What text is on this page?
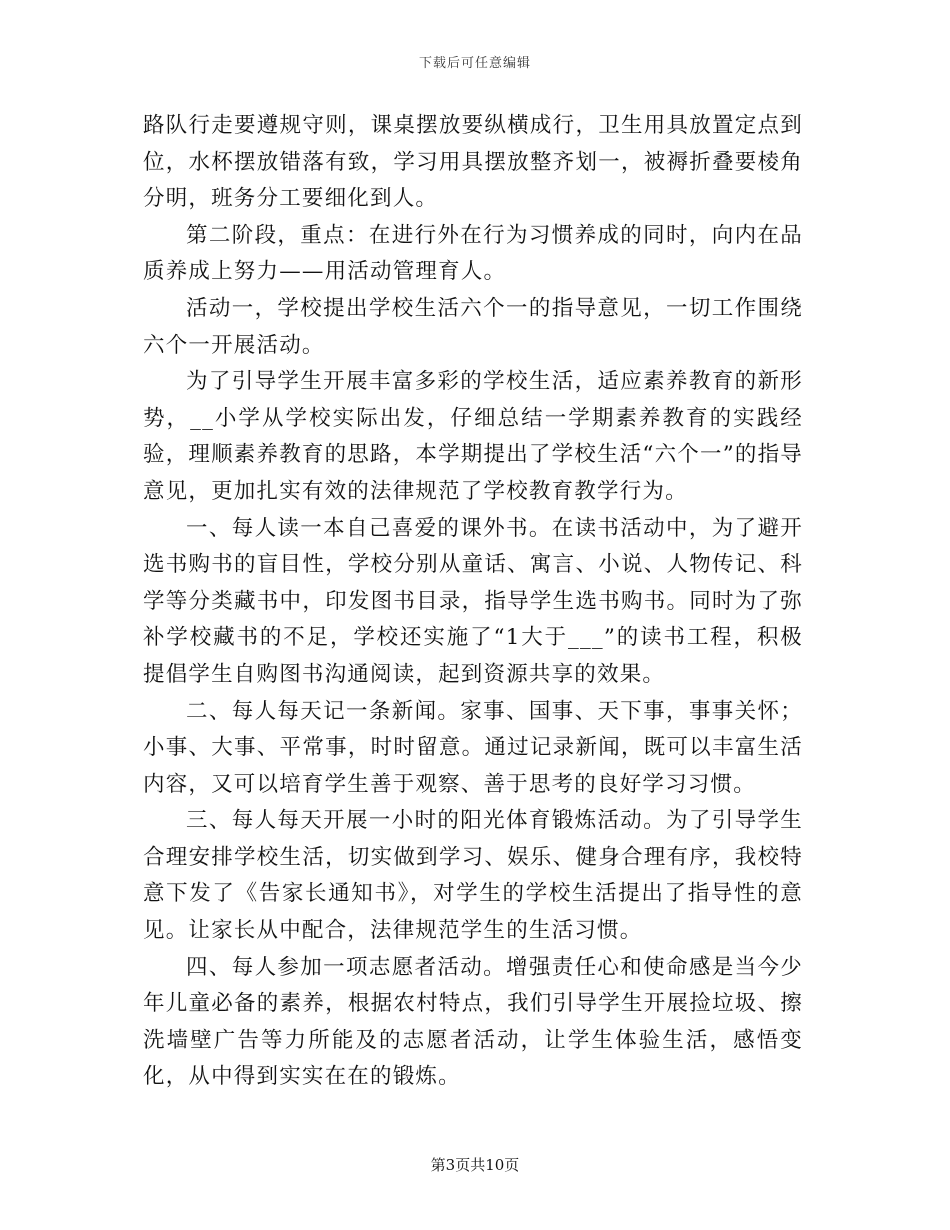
下载后可任意编辑

路队行走要遵规守则，课桌摆放要纵横成行，卫生用具放置定点到位，水杯摆放错落有致，学习用具摆放整齐划一，被褥折叠要棱角分明，班务分工要细化到人。

第二阶段，重点：在进行外在行为习惯养成的同时，向内在品质养成上努力——用活动管理育人。

活动一，学校提出学校生活六个一的指导意见，一切工作围绕六个一开展活动。

为了引导学生开展丰富多彩的学校生活，适应素养教育的新形势，__小学从学校实际出发，仔细总结一学期素养教育的实践经验，理顺素养教育的思路，本学期提出了学校生活“六个一”的指导意见，更加扎实有效的法律规范了学校教育教学行为。

一、每人读一本自己喜爱的课外书。在读书活动中，为了避开选书购书的盲目性，学校分别从童话、寓言、小说、人物传记、科学等分类藏书中，印发图书目录，指导学生选书购书。同时为了弥补学校藏书的不足，学校还实施了“1大于___”的读书工程，积极提倡学生自购图书沟通阅读，起到资源共享的效果。

二、每人每天记一条新闻。家事、国事、天下事，事事关怀；小事、大事、平常事，时时留意。通过记录新闻，既可以丰富生活内容，又可以培育学生善于观察、善于思考的良好学习习惯。

三、每人每天开展一小时的阳光体育锻炼活动。为了引导学生合理安排学校生活，切实做到学习、娱乐、健身合理有序，我校特意下发了《告家长通知书》，对学生的学校生活提出了指导性的意见。让家长从中配合，法律规范学生的生活习惯。

四、每人参加一项志愿者活动。增强责任心和使命感是当今少年儿童必备的素养，根据农村特点，我们引导学生开展捡垃圾、擦洗墙壁广告等力所能及的志愿者活动，让学生体验生活，感悟变化，从中得到实实在在的锻炼。

第3页共10页
